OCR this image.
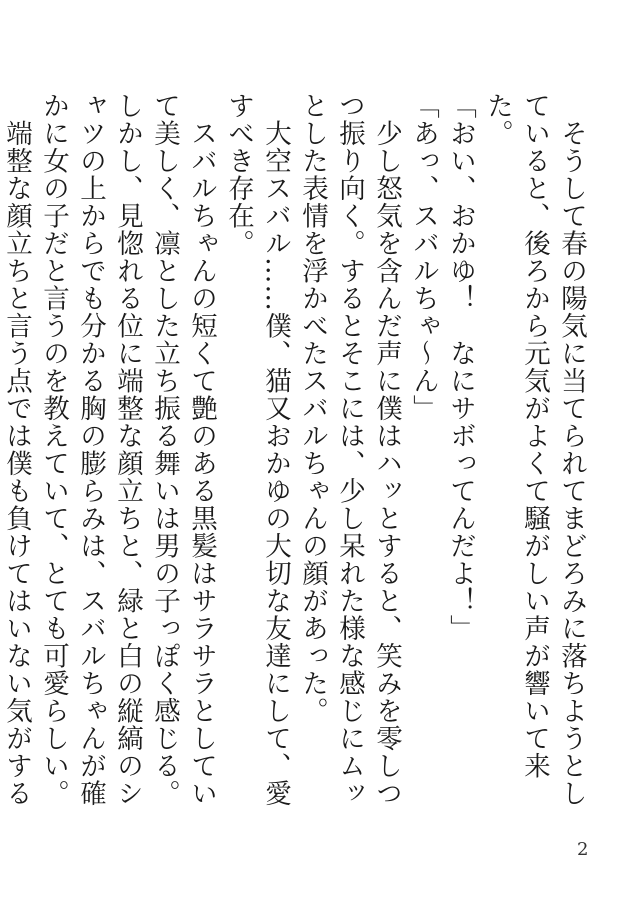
　そうして春の陽気に当てられてまどろみに落ちようとしていると、後ろから元気がよくて騒がしい声が響いて来た。

「おい、おかゆ！　なにサボってんだよ！」

「あっ、スバルちゃ～ん」

　少し怒気を含んだ声に僕はハッとすると、笑みを零しつつ振り向く。するとそこには、少し呆れた様な感じにムッとした表情を浮かべたスバルちゃんの顔があった。

　大空スバル……僕、猫又おかゆの大切な友達にして、愛すべき存在。

　スバルちゃんの短くて艶のある黒髪はサラサラとしていて美しく、凛とした立ち振る舞いは男の子っぽく感じる。しかし、見惚れる位に端整な顔立ちと、緑と白の縦縞のシャツの上からでも分かる胸の膨らみは、スバルちゃんが確かに女の子だと言うのを教えていて、とても可愛らしい。

　端整な顔立ちと言う点では僕も負けてはいない気がする

2
